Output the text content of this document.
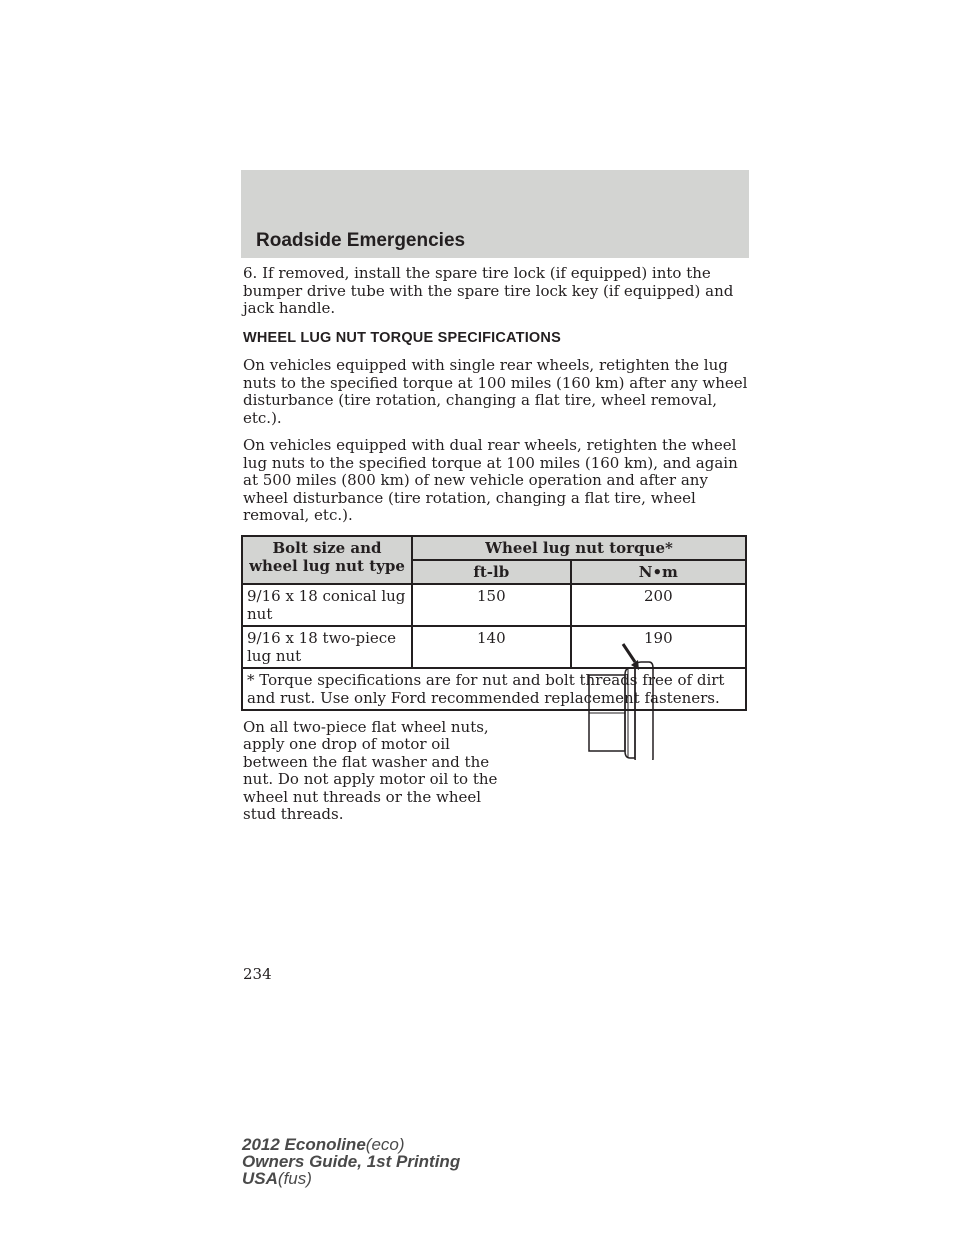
Roadside Emergencies

6. If removed, install the spare tire lock (if equipped) into the bumper drive tube with the spare tire lock key (if equipped) and jack handle.

WHEEL LUG NUT TORQUE SPECIFICATIONS

On vehicles equipped with single rear wheels, retighten the lug nuts to the specified torque at 100 miles (160 km) after any wheel disturbance (tire rotation, changing a flat tire, wheel removal, etc.).

On vehicles equipped with dual rear wheels, retighten the wheel lug nuts to the specified torque at 100 miles (160 km), and again at 500 miles (800 km) of new vehicle operation and after any wheel disturbance (tire rotation, changing a flat tire, wheel removal, etc.).

Bolt size and wheel lug nut type	Wheel lug nut torque*	
	ft-lb	N•m
9/16 x 18 conical lug nut	150	200
9/16 x 18 two-piece lug nut	140	190
* Torque specifications are for nut and bolt threads free of dirt and rust. Use only Ford recommended replacement fasteners.		
On all two-piece flat wheel nuts, apply one drop of motor oil between the flat washer and the nut. Do not apply motor oil to the wheel nut threads or the wheel stud threads.
234
2012 Econoline(eco)
Owners Guide, 1st Printing
USA(fus)
